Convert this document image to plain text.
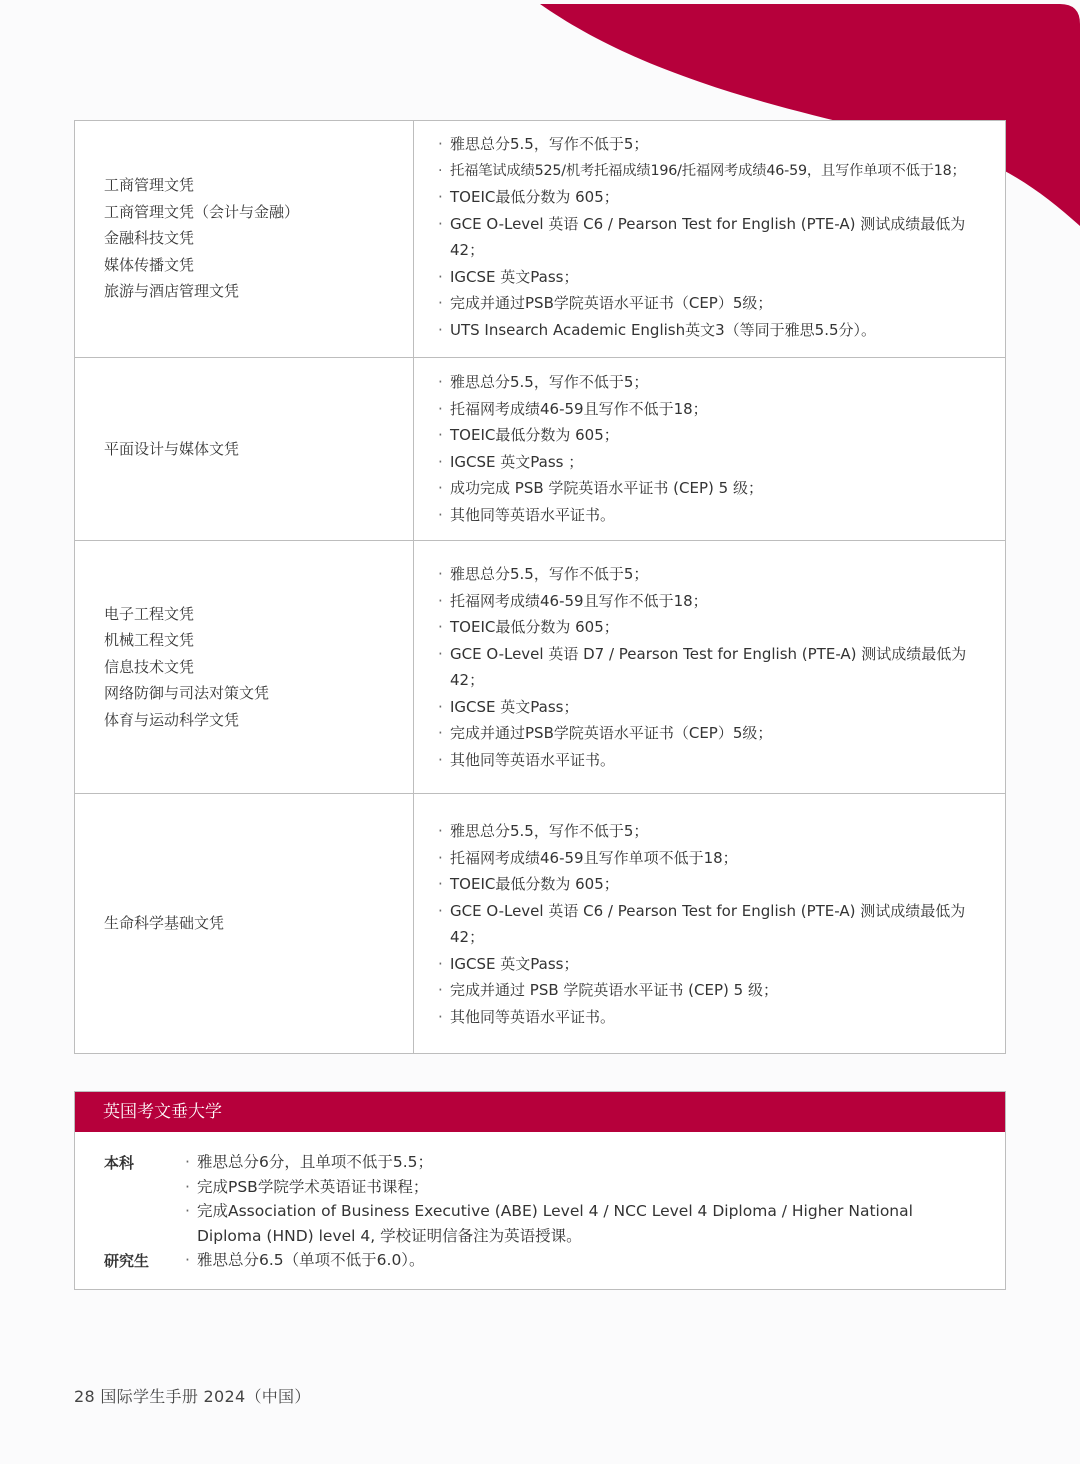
工商管理文凭
工商管理文凭（会计与金融）
金融科技文凭
媒体传播文凭
旅游与酒店管理文凭
· 雅思总分5.5，写作不低于5；
· 托福笔试成绩525/机考托福成绩196/托福网考成绩46-59，且写作单项不低于18；
· TOEIC最低分数为 605；
· GCE O-Level 英语 C6 / Pearson Test for English (PTE-A) 测试成绩最低为 42；
· IGCSE 英文Pass；
· 完成并通过PSB学院英语水平证书（CEP）5级；
· UTS Insearch Academic English英文3（等同于雅思5.5分）。
平面设计与媒体文凭
· 雅思总分5.5，写作不低于5；
· 托福网考成绩46-59且写作不低于18；
· TOEIC最低分数为 605；
· IGCSE 英文Pass ；
· 成功完成 PSB 学院英语水平证书 (CEP) 5 级；
· 其他同等英语水平证书。
电子工程文凭
机械工程文凭
信息技术文凭
网络防御与司法对策文凭
体育与运动科学文凭
· 雅思总分5.5，写作不低于5；
· 托福网考成绩46-59且写作不低于18；
· TOEIC最低分数为 605；
· GCE O-Level 英语 D7 / Pearson Test for English (PTE-A) 测试成绩最低为 42；
· IGCSE 英文Pass；
· 完成并通过PSB学院英语水平证书（CEP）5级；
· 其他同等英语水平证书。
生命科学基础文凭
· 雅思总分5.5，写作不低于5；
· 托福网考成绩46-59且写作单项不低于18；
· TOEIC最低分数为 605；
· GCE O-Level 英语 C6 / Pearson Test for English (PTE-A) 测试成绩最低为 42；
· IGCSE 英文Pass；
· 完成并通过 PSB 学院英语水平证书 (CEP) 5 级；
· 其他同等英语水平证书。
英国考文垂大学
本科	· 雅思总分6分，且单项不低于5.5；
· 完成PSB学院学术英语证书课程；
· 完成Association of Business Executive (ABE) Level 4 / NCC Level 4 Diploma / Higher National Diploma (HND) level 4, 学校证明信备注为英语授课。
研究生	· 雅思总分6.5（单项不低于6.0）。
28 国际学生手册 2024（中国）
